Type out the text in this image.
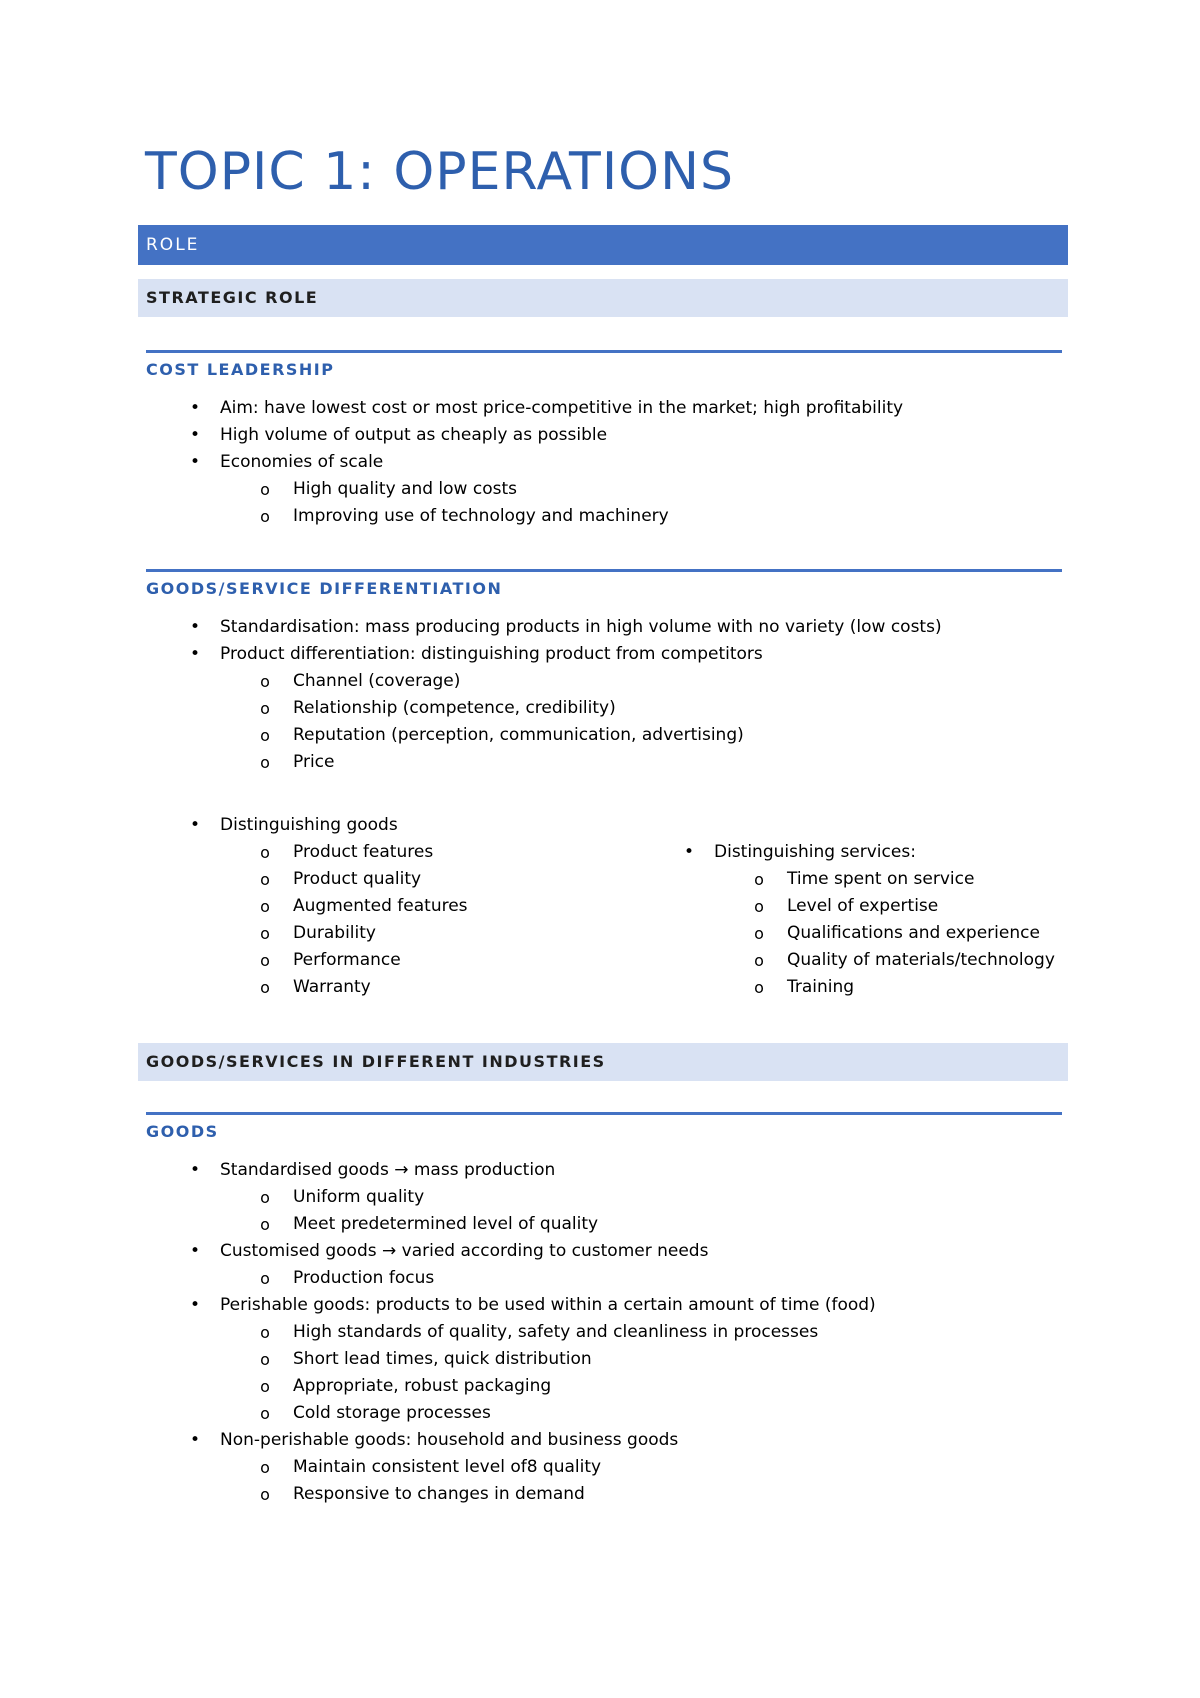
TOPIC 1: OPERATIONS
ROLE
STRATEGIC ROLE
COST LEADERSHIP
• Aim: have lowest cost or most price-competitive in the market; high profitability
• High volume of output as cheaply as possible
• Economies of scale
o	High quality and low costs
o	Improving use of technology and machinery
GOODS/SERVICE DIFFERENTIATION
• Standardisation: mass producing products in high volume with no variety (low costs)
• Product differentiation: distinguishing product from competitors
o	Channel (coverage)
o	Relationship (competence, credibility)
o	Reputation (perception, communication, advertising)
o	Price
• Distinguishing goods
o	Product features
o	Product quality
o	Augmented features
o	Durability
o	Performance
o	Warranty
• Distinguishing services:
o	Time spent on service
o	Level of expertise
o	Qualifications and experience
o	Quality of materials/technology
o	Training
GOODS/SERVICES IN DIFFERENT INDUSTRIES
GOODS
• Standardised goods → mass production
o	Uniform quality
o	Meet predetermined level of quality
• Customised goods → varied according to customer needs
o	Production focus
• Perishable goods: products to be used within a certain amount of time (food)
o	High standards of quality, safety and cleanliness in processes
o	Short lead times, quick distribution
o	Appropriate, robust packaging
o	Cold storage processes
• Non-perishable goods: household and business goods
o	Maintain consistent level of8 quality
o	Responsive to changes in demand
